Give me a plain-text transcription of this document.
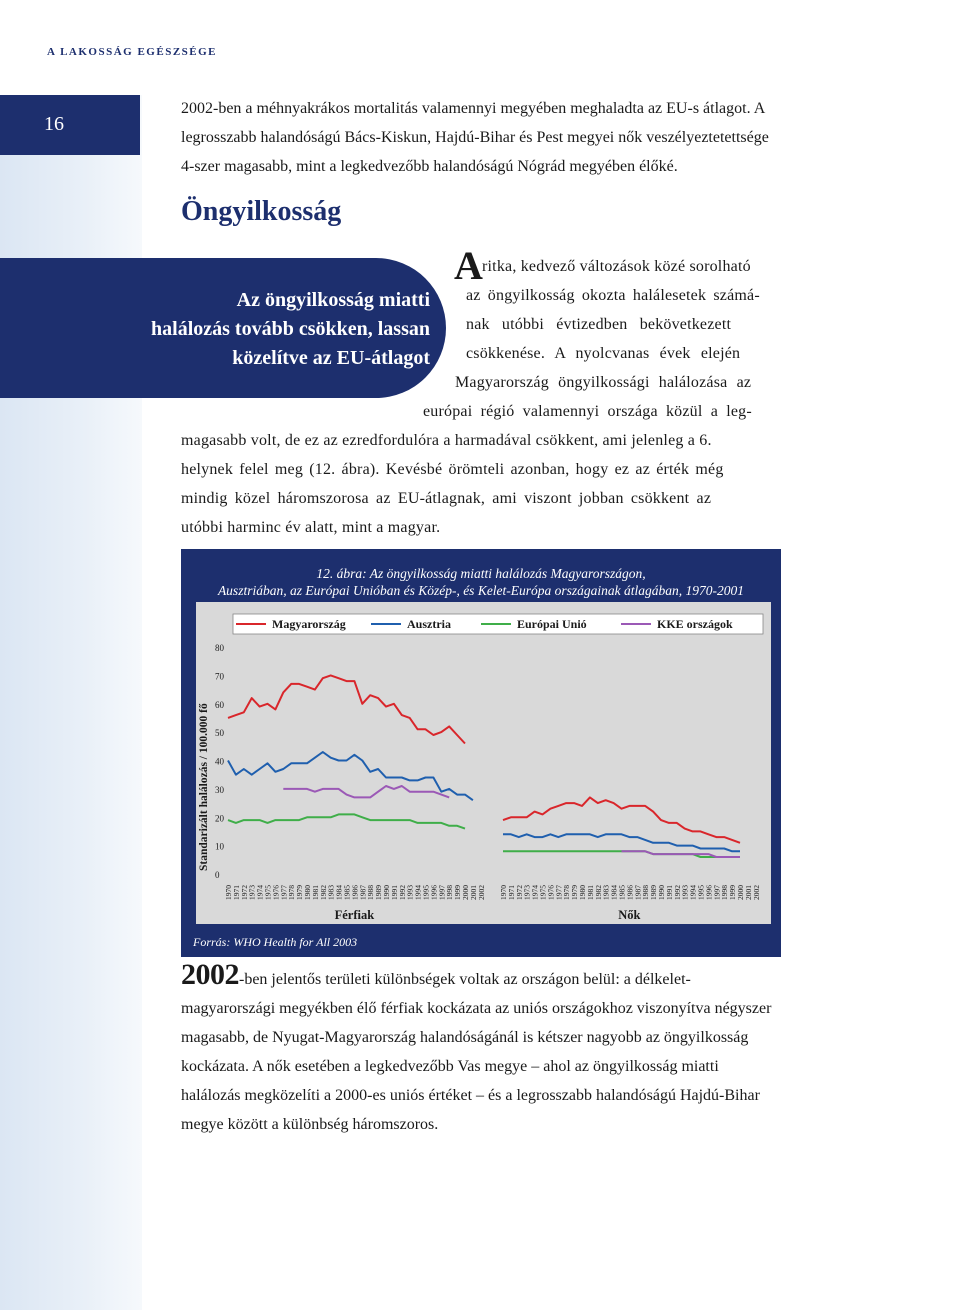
A LAKOSSÁG EGÉSZSÉGE
16
2002-ben a méhnyakrákos mortalitás valamennyi megyében meghaladta az EU-s átlagot. A legrosszabb halandóságú Bács-Kiskun, Hajdú-Bihar és Pest megyei nők veszélyeztetettsége 4-szer magasabb, mint a legkedvezőbb halandóságú Nógrád megyében élőké.
Öngyilkosság
Az öngyilkosság miatti
halálozás tovább csökken, lassan
közelítve az EU-átlagot
A ritka, kedvező változások közé sorolható
az öngyilkosság okozta halálesetek számá-
nak utóbbi évtizedben bekövetkezett
csökkenése. A nyolcvanas évek elején
Magyarország öngyilkossági halálozása az
európai régió valamennyi országa közül a leg-
magasabb volt, de ez az ezredfordulóra a harmadával csökkent, ami jelenleg a 6.
helynek felel meg (12. ábra). Kevésbé örömteli azonban, hogy ez az érték még
mindig közel háromszorosa az EU-átlagnak, ami viszont jobban csökkent az
utóbbi harminc év alatt, mint a magyar.
12. ábra: Az öngyilkosság miatti halálozás Magyarországon,
Ausztriában, az Európai Unióban és Közép-, és Kelet-Európa országainak átlagában, 1970-2001
Magyarország	Ausztria	Európai Unió	KKE országok
0
10
20
30
40
50
60
70
80
Standarizált halálozás / 100.000 fő
1970
1971
1972
1973
1974
1975
1976
1977
1978
1979
1980
1981
1982
1983
1984
1985
1986
1987
1988
1989
1990
1991
1992
1993
1994
1995
1996
1997
1998
1999
2000
2001
2002
Férfiak
1970
1971
1972
1973
1974
1975
1976
1977
1978
1979
1980
1981
1982
1983
1984
1985
1986
1987
1988
1989
1990
1991
1992
1993
1994
1995
1996
1997
1998
1999
2000
2001
2002
Nők
Forrás: WHO Health for All 2003
2002-ben jelentős területi különbségek voltak az országon belül: a délkelet-magyarországi megyékben élő férfiak kockázata az uniós országokhoz viszonyítva négyszer magasabb, de Nyugat-Magyarország halandóságánál is kétszer nagyobb az öngyilkosság kockázata. A nők esetében a legkedvezőbb Vas megye – ahol az öngyilkosság miatti halálozás megközelíti a 2000-es uniós értéket – és a legrosszabb halandóságú Hajdú-Bihar megye között a különbség háromszoros.
